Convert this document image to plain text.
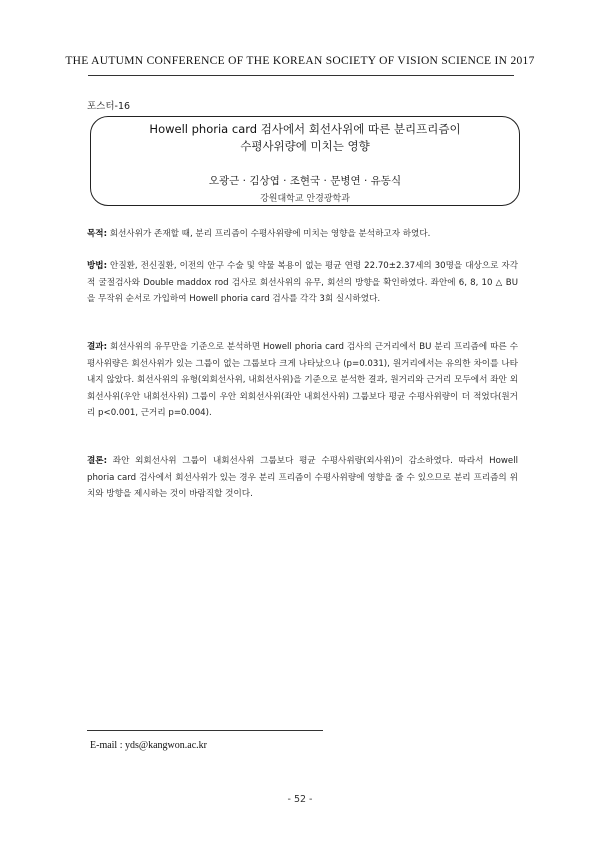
THE AUTUMN CONFERENCE OF THE KOREAN SOCIETY OF VISION SCIENCE IN 2017
포스터-16
Howell phoria card 검사에서 회선사위에 따른 분리프리즘이
수평사위량에 미치는 영향
오광근 · 김상엽 · 조현국 · 문병연 · 유동식
강원대학교 안경광학과
목적: 회선사위가 존재할 때, 분리 프리즘이 수평사위량에 미치는 영향을 분석하고자 하였다.
방법: 안질환, 전신질환, 이전의 안구 수술 및 약물 복용이 없는 평균 연령 22.70±2.37세의 30명을 대상으로 자각적 굴절검사와 Double maddox rod 검사로 회선사위의 유무, 회선의 방향을 확인하였다. 좌안에 6, 8, 10 △ BU을 무작위 순서로 가입하여 Howell phoria card 검사를 각각 3회 실시하였다.
결과: 회선사위의 유무만을 기준으로 분석하면 Howell phoria card 검사의 근거리에서 BU 분리 프리즘에 따른 수평사위량은 회선사위가 있는 그룹이 없는 그룹보다 크게 나타났으나 (p=0.031), 원거리에서는 유의한 차이를 나타내지 않았다. 회선사위의 유형(외회선사위, 내회선사위)을 기준으로 분석한 결과, 원거리와 근거리 모두에서 좌안 외회선사위(우안 내회선사위) 그룹이 우안 외회선사위(좌안 내회선사위) 그룹보다 평균 수평사위량이 더 적었다(원거리 p<0.001, 근거리 p=0.004).
결론: 좌안 외회선사위 그룹이 내회선사위 그룹보다 평균 수평사위량(외사위)이 감소하였다. 따라서 Howell phoria card 검사에서 회선사위가 있는 경우 분리 프리즘이 수평사위량에 영향을 줄 수 있으므로 분리 프리즘의 위치와 방향을 제시하는 것이 바람직할 것이다.
E-mail : yds@kangwon.ac.kr
- 52 -
